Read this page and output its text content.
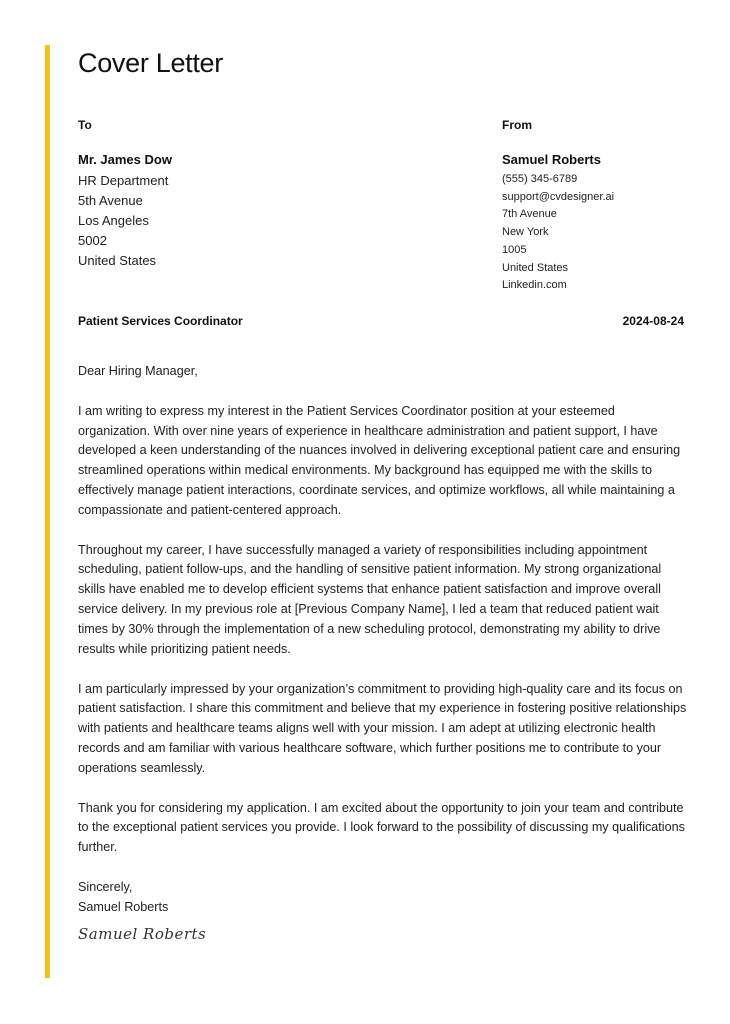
Cover Letter
To
Mr. James Dow
HR Department
5th Avenue
Los Angeles
5002
United States
From
Samuel Roberts
(555) 345-6789
support@cvdesigner.ai
7th Avenue
New York
1005
United States
Linkedin.com
Patient Services Coordinator	2024-08-24

Dear Hiring Manager,

I am writing to express my interest in the Patient Services Coordinator position at your esteemed organization. With over nine years of experience in healthcare administration and patient support, I have developed a keen understanding of the nuances involved in delivering exceptional patient care and ensuring streamlined operations within medical environments. My background has equipped me with the skills to effectively manage patient interactions, coordinate services, and optimize workflows, all while maintaining a compassionate and patient-centered approach.

Throughout my career, I have successfully managed a variety of responsibilities including appointment scheduling, patient follow-ups, and the handling of sensitive patient information. My strong organizational skills have enabled me to develop efficient systems that enhance patient satisfaction and improve overall service delivery. In my previous role at [Previous Company Name], I led a team that reduced patient wait times by 30% through the implementation of a new scheduling protocol, demonstrating my ability to drive results while prioritizing patient needs.

I am particularly impressed by your organization’s commitment to providing high-quality care and its focus on patient satisfaction. I share this commitment and believe that my experience in fostering positive relationships with patients and healthcare teams aligns well with your mission. I am adept at utilizing electronic health records and am familiar with various healthcare software, which further positions me to contribute to your operations seamlessly.

Thank you for considering my application. I am excited about the opportunity to join your team and contribute to the exceptional patient services you provide. I look forward to the possibility of discussing my qualifications further.

Sincerely,
Samuel Roberts
Samuel Roberts
